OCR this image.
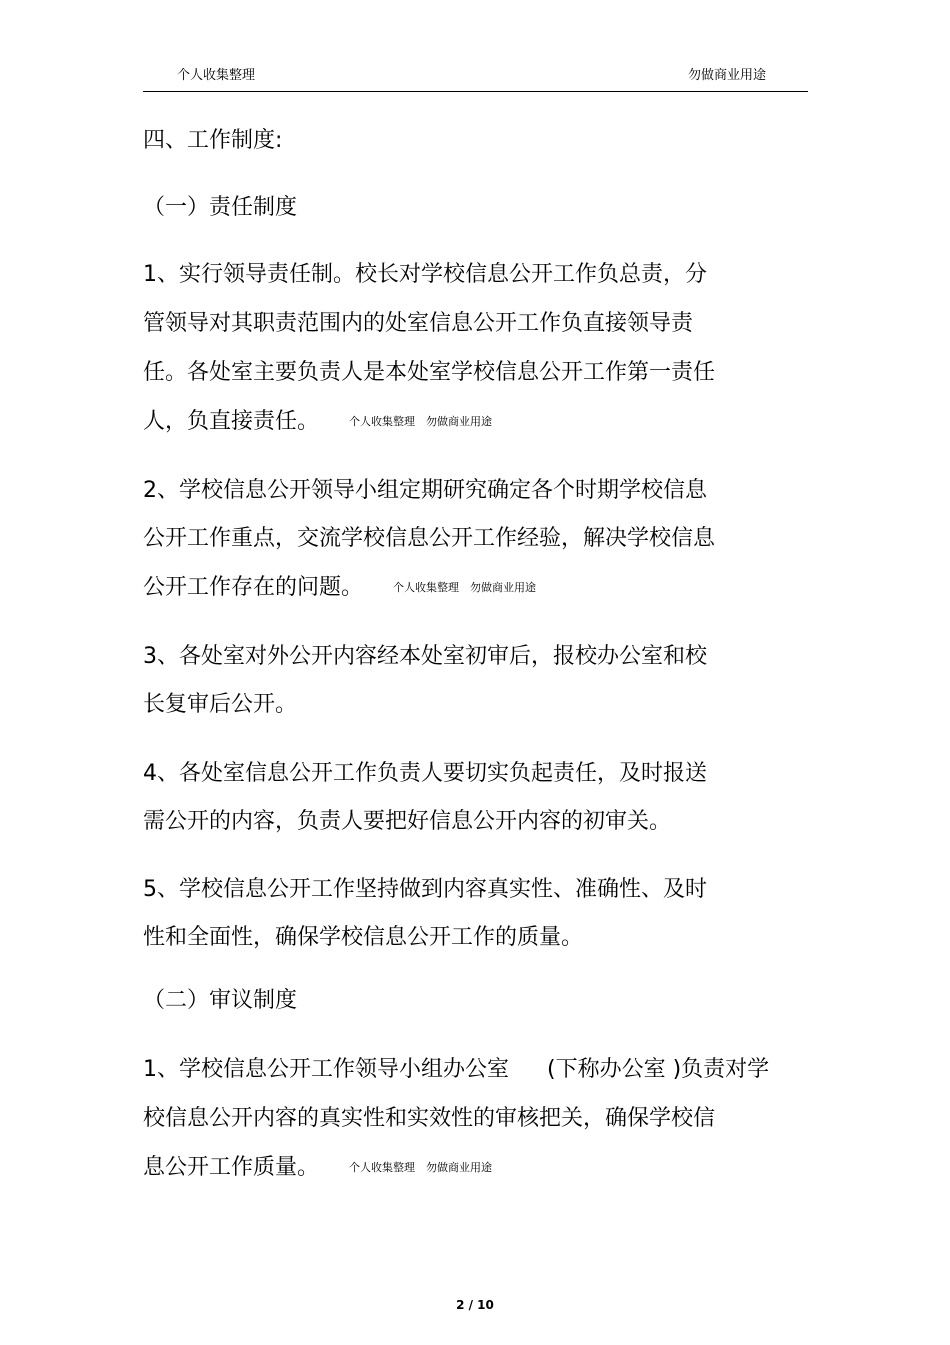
个人收集整理	勿做商业用途
四、工作制度:
（一）责任制度
1、实行领导责任制。校长对学校信息公开工作负总责，分
管领导对其职责范围内的处室信息公开工作负直接领导责
任。各处室主要负责人是本处室学校信息公开工作第一责任
人，负直接责任。	个人收集整理　勿做商业用途
2、学校信息公开领导小组定期研究确定各个时期学校信息
公开工作重点，交流学校信息公开工作经验，解决学校信息
公开工作存在的问题。	个人收集整理　勿做商业用途
3、各处室对外公开内容经本处室初审后，报校办公室和校
长复审后公开。
4、各处室信息公开工作负责人要切实负起责任，及时报送
需公开的内容，负责人要把好信息公开内容的初审关。
5、学校信息公开工作坚持做到内容真实性、准确性、及时
性和全面性，确保学校信息公开工作的质量。
（二）审议制度
1、学校信息公开工作领导小组办公室 (下称办公室 )负责对学
校信息公开内容的真实性和实效性的审核把关，确保学校信
息公开工作质量。	个人收集整理　勿做商业用途
2 / 10
